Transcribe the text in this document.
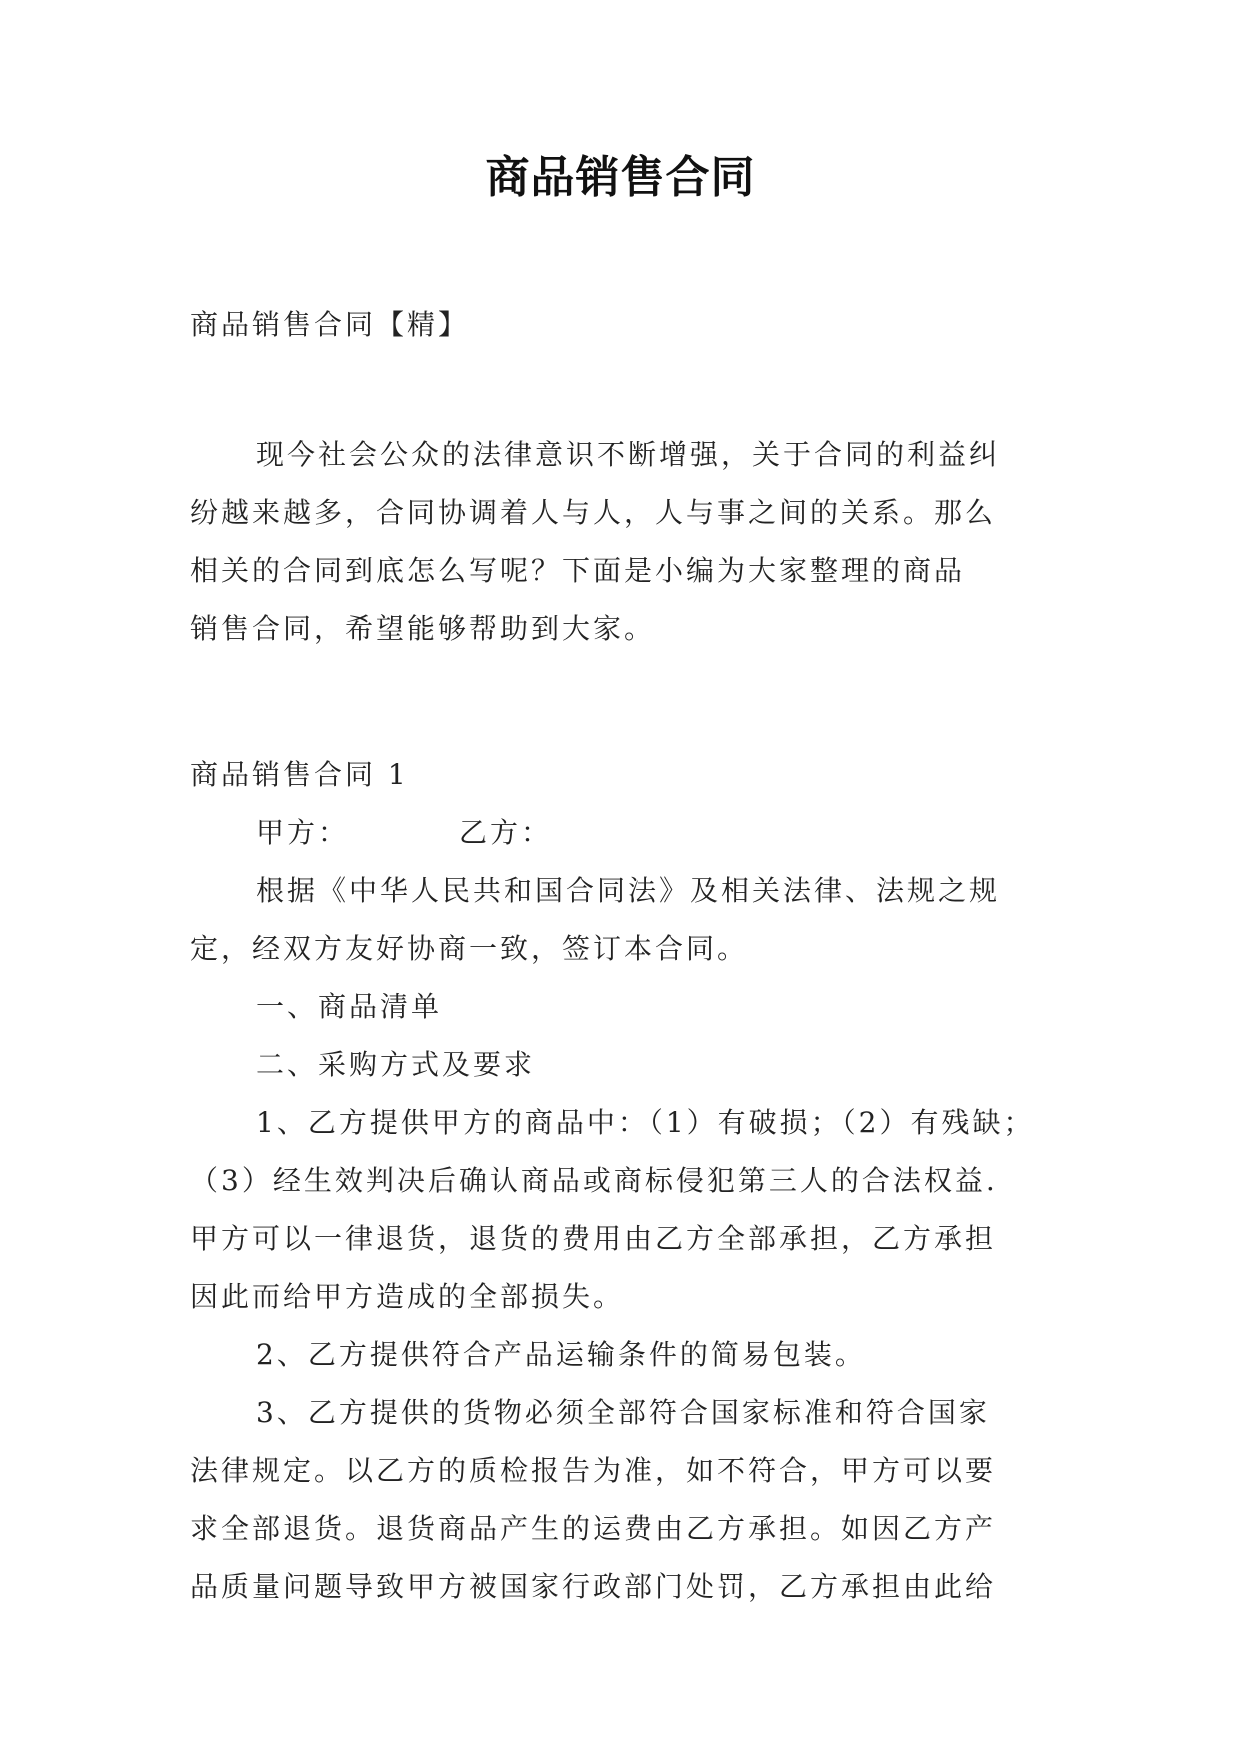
商品销售合同
商品销售合同【精】
现今社会公众的法律意识不断增强，关于合同的利益纠
纷越来越多，合同协调着人与人，人与事之间的关系。那么
相关的合同到底怎么写呢？下面是小编为大家整理的商品
销售合同，希望能够帮助到大家。
商品销售合同 1
甲方：	乙方：
根据《中华人民共和国合同法》及相关法律、法规之规
定，经双方友好协商一致，签订本合同。
一、商品清单
二、采购方式及要求
1、乙方提供甲方的商品中：（1）有破损；（2）有残缺；
（3）经生效判决后确认商品或商标侵犯第三人的合法权益.
甲方可以一律退货，退货的费用由乙方全部承担，乙方承担
因此而给甲方造成的全部损失。
2、乙方提供符合产品运输条件的简易包装。
3、乙方提供的货物必须全部符合国家标准和符合国家
法律规定。以乙方的质检报告为准，如不符合，甲方可以要
求全部退货。退货商品产生的运费由乙方承担。如因乙方产
品质量问题导致甲方被国家行政部门处罚，乙方承担由此给
